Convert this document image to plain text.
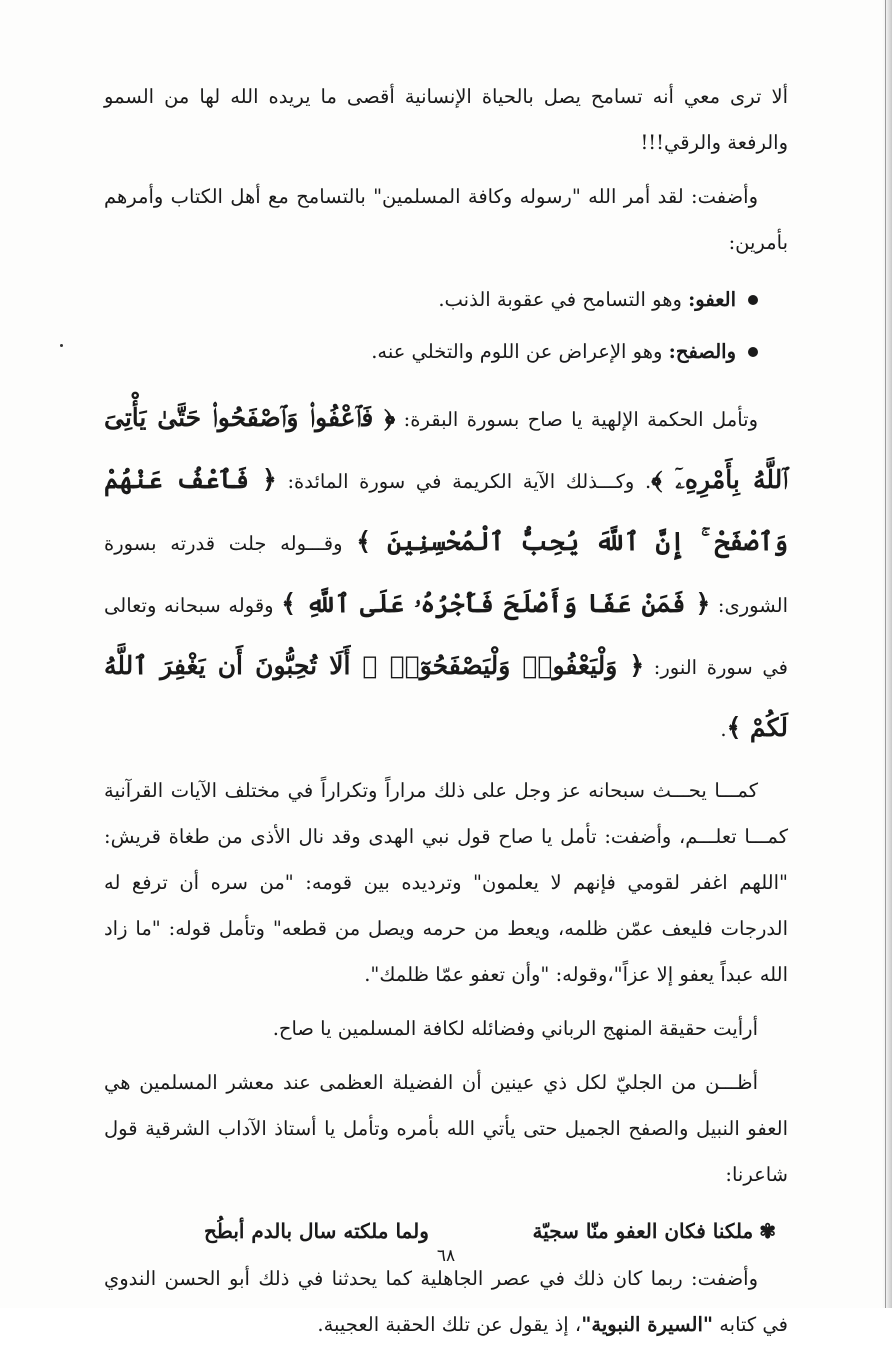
ألا ترى معي أنه تسامح يصل بالحياة الإنسانية أقصى ما يريده الله لها من السمو والرفعة والرقي!!!

وأضفت: لقد أمر الله "رسوله وكافة المسلمين" بالتسامح مع أهل الكتاب وأمرهم بأمرين:

العفو: وهو التسامح في عقوبة الذنب.
والصفح: وهو الإعراض عن اللوم والتخلي عنه.

وتأمل الحكمة الإلهية يا صاح بسورة البقرة: ﴿ فَٱعْفُوا۟ وَٱصْفَحُوا۟ حَتَّىٰ يَأْتِىَ ٱللَّهُ بِأَمْرِهِۦٓ ﴾. وكـــذلك الآية الكريمة في سورة المائدة: ﴿ فَٱعْفُ عَنْهُمْ وَٱصْفَحْ ۚ إِنَّ ٱللَّهَ يُحِبُّ ٱلْمُحْسِنِينَ ﴾ وقـــوله جلت قدرته بسورة الشورى: ﴿ فَمَنْ عَفَا وَأَصْلَحَ فَأَجْرُهُۥ عَلَى ٱللَّهِ ﴾ وقوله سبحانه وتعالى في سورة النور: ﴿ وَلْيَعْفُوا۟ وَلْيَصْفَحُوٓا۟ ۗ أَلَا تُحِبُّونَ أَن يَغْفِرَ ٱللَّهُ لَكُمْ ﴾.

كمـــا يحـــث سبحانه عز وجل على ذلك مراراً وتكراراً في مختلف الآيات القرآنية كمـــا تعلـــم، وأضفت: تأمل يا صاح قول نبي الهدى وقد نال الأذى من طغاة قريش: "اللهم اغفر لقومي فإنهم لا يعلمون" وترديده بين قومه: "من سره أن ترفع له الدرجات فليعف عمّن ظلمه، ويعط من حرمه ويصل من قطعه" وتأمل قوله: "ما زاد الله عبداً يعفو إلا عزاً"،وقوله: "وأن تعفو عمّا ظلمك".

أرأيت حقيقة المنهج الرباني وفضائله لكافة المسلمين يا صاح.

أظـــن من الجليّ لكل ذي عينين أن الفضيلة العظمى عند معشر المسلمين هي العفو النبيل والصفح الجميل حتى يأتي الله بأمره وتأمل يا أستاذ الآداب الشرقية قول شاعرنا:

✾ملكنا فكان العفو منّا سجيّة
ولما ملكته سال بالدم أبطُح

وأضفت: ربما كان ذلك في عصر الجاهلية كما يحدثنا في ذلك أبو الحسن الندوي في كتابه "السيرة النبوية"، إذ يقول عن تلك الحقبة العجيبة.

٦٨
